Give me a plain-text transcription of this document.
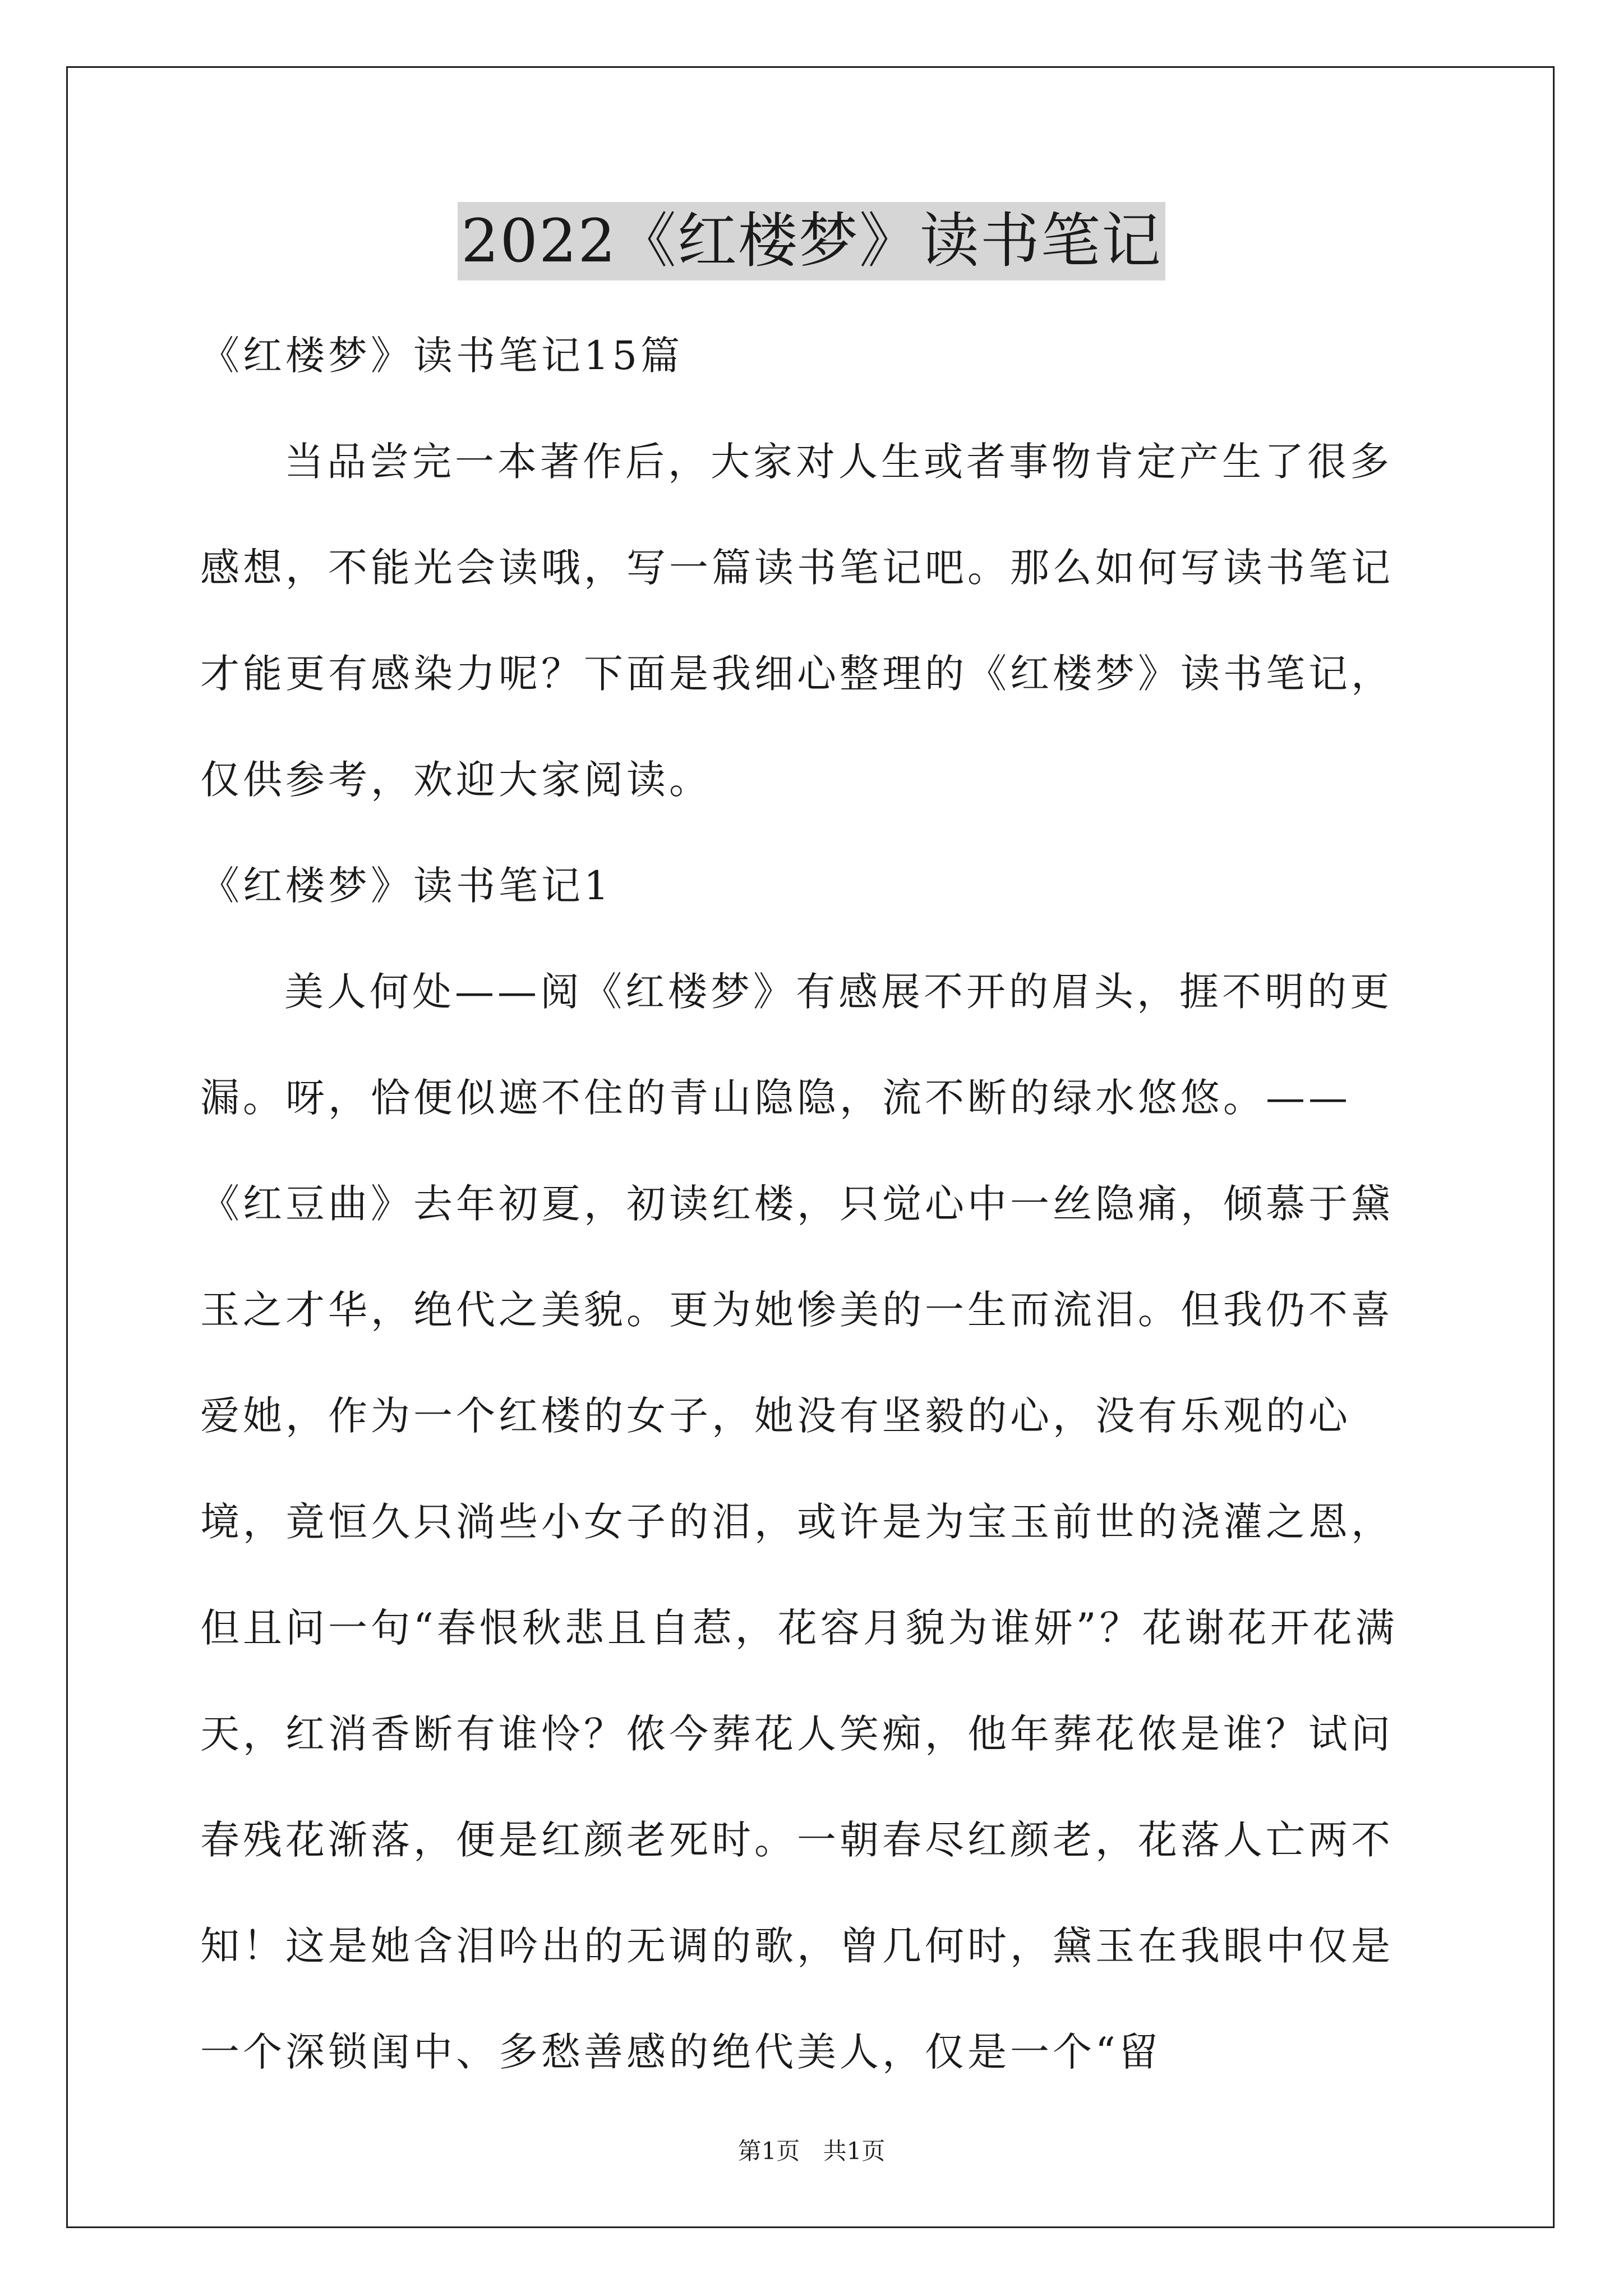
2022《红楼梦》读书笔记

《红楼梦》读书笔记15篇

当品尝完一本著作后，大家对人生或者事物肯定产生了很多感想，不能光会读哦，写一篇读书笔记吧。那么如何写读书笔记才能更有感染力呢？下面是我细心整理的《红楼梦》读书笔记，仅供参考，欢迎大家阅读。

《红楼梦》读书笔记1

美人何处——阅《红楼梦》有感展不开的眉头，捱不明的更漏。呀，恰便似遮不住的青山隐隐，流不断的绿水悠悠。——《红豆曲》去年初夏，初读红楼，只觉心中一丝隐痛，倾慕于黛玉之才华，绝代之美貌。更为她惨美的一生而流泪。但我仍不喜爱她，作为一个红楼的女子，她没有坚毅的心，没有乐观的心境，竟恒久只淌些小女子的泪，或许是为宝玉前世的浇灌之恩，但且问一句“春恨秋悲且自惹，花容月貌为谁妍”？花谢花开花满天，红消香断有谁怜？侬今葬花人笑痴，他年葬花侬是谁？试问春残花渐落，便是红颜老死时。一朝春尽红颜老，花落人亡两不知！这是她含泪吟出的无调的歌，曾几何时，黛玉在我眼中仅是一个深锁闺中、多愁善感的绝代美人，仅是一个“留

第1页 共1页
